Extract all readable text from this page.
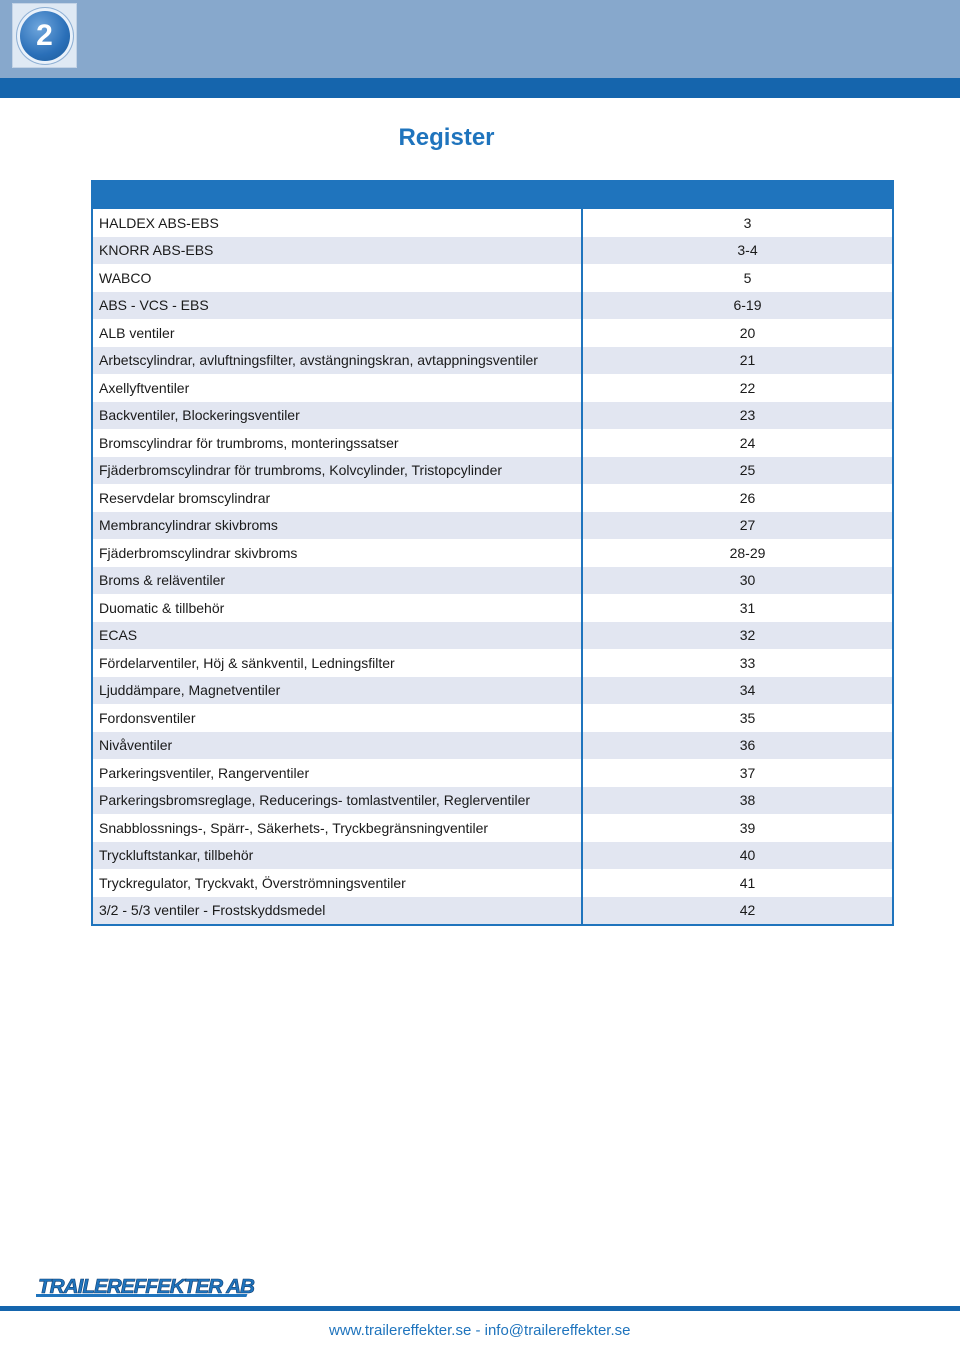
2
Register
HALDEX ABS-EBS	3
KNORR ABS-EBS	3-4
WABCO	5
ABS - VCS - EBS	6-19
ALB ventiler	20
Arbetscylindrar, avluftningsfilter, avstängningskran, avtappningsventiler	21
Axellyftventiler	22
Backventiler, Blockeringsventiler	23
Bromscylindrar för trumbroms, monteringssatser	24
Fjäderbromscylindrar för trumbroms, Kolvcylinder, Tristopcylinder	25
Reservdelar bromscylindrar	26
Membrancylindrar skivbroms	27
Fjäderbromscylindrar skivbroms	28-29
Broms & reläventiler	30
Duomatic & tillbehör	31
ECAS	32
Fördelarventiler, Höj & sänkventil, Ledningsfilter	33
Ljuddämpare, Magnetventiler	34
Fordonsventiler	35
Nivåventiler	36
Parkeringsventiler, Rangerventiler	37
Parkeringsbromsreglage, Reducerings- tomlastventiler, Reglerventiler	38
Snabblossnings-, Spärr-, Säkerhets-, Tryckbegränsningventiler	39
Tryckluftstankar, tillbehör	40
Tryckregulator, Tryckvakt, Överströmningsventiler	41
3/2 - 5/3 ventiler - Frostskyddsmedel	42
TRAILEREFFEKTER AB
www.trailereffekter.se - info@trailereffekter.se
